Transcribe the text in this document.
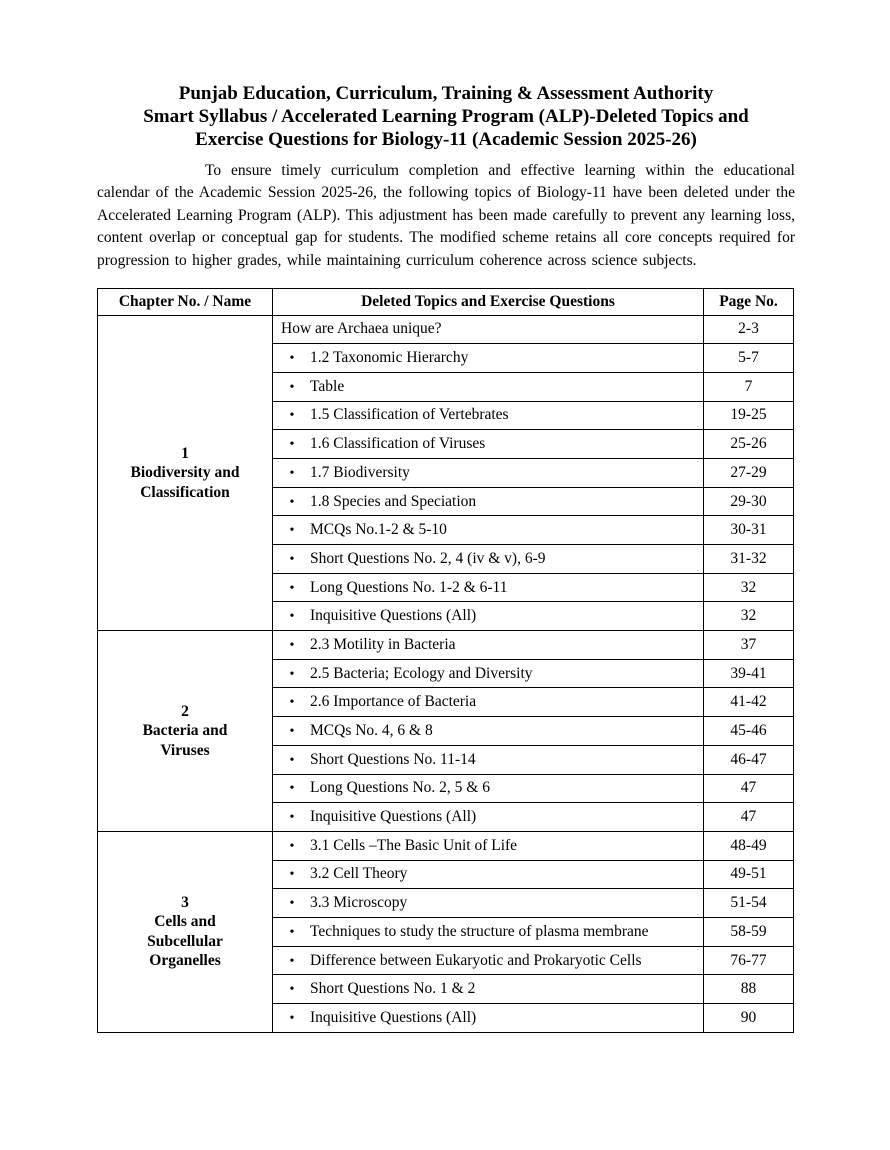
Punjab Education, Curriculum, Training & Assessment Authority
Smart Syllabus / Accelerated Learning Program (ALP)-Deleted Topics and
Exercise Questions for Biology-11 (Academic Session 2025-26)

To ensure timely curriculum completion and effective learning within the educational calendar of the Academic Session 2025-26, the following topics of Biology-11 have been deleted under the Accelerated Learning Program (ALP). This adjustment has been made carefully to prevent any learning loss, content overlap or conceptual gap for students. The modified scheme retains all core concepts required for progression to higher grades, while maintaining curriculum coherence across science subjects.

Chapter No. / Name	Deleted Topics and Exercise Questions	Page No.

1
Biodiversity and
Classification	How are Archaea unique?	2-3
	• 1.2 Taxonomic Hierarchy	5-7
	• Table	7
	• 1.5 Classification of Vertebrates	19-25
	• 1.6 Classification of Viruses	25-26
	• 1.7 Biodiversity	27-29
	• 1.8 Species and Speciation	29-30
	• MCQs No.1-2 & 5-10	30-31
	• Short Questions No. 2, 4 (iv & v), 6-9	31-32
	• Long Questions No. 1-2 & 6-11	32
	• Inquisitive Questions (All)	32

2
Bacteria and
Viruses	• 2.3 Motility in Bacteria	37
	• 2.5 Bacteria; Ecology and Diversity	39-41
	• 2.6 Importance of Bacteria	41-42
	• MCQs No. 4, 6 & 8	45-46
	• Short Questions No. 11-14	46-47
	• Long Questions No. 2, 5 & 6	47
	• Inquisitive Questions (All)	47

3
Cells and
Subcellular
Organelles	• 3.1 Cells –The Basic Unit of Life	48-49
	• 3.2 Cell Theory	49-51
	• 3.3 Microscopy	51-54
	• Techniques to study the structure of plasma membrane	58-59
	• Difference between Eukaryotic and Prokaryotic Cells	76-77
	• Short Questions No. 1 & 2	88
	• Inquisitive Questions (All)	90
